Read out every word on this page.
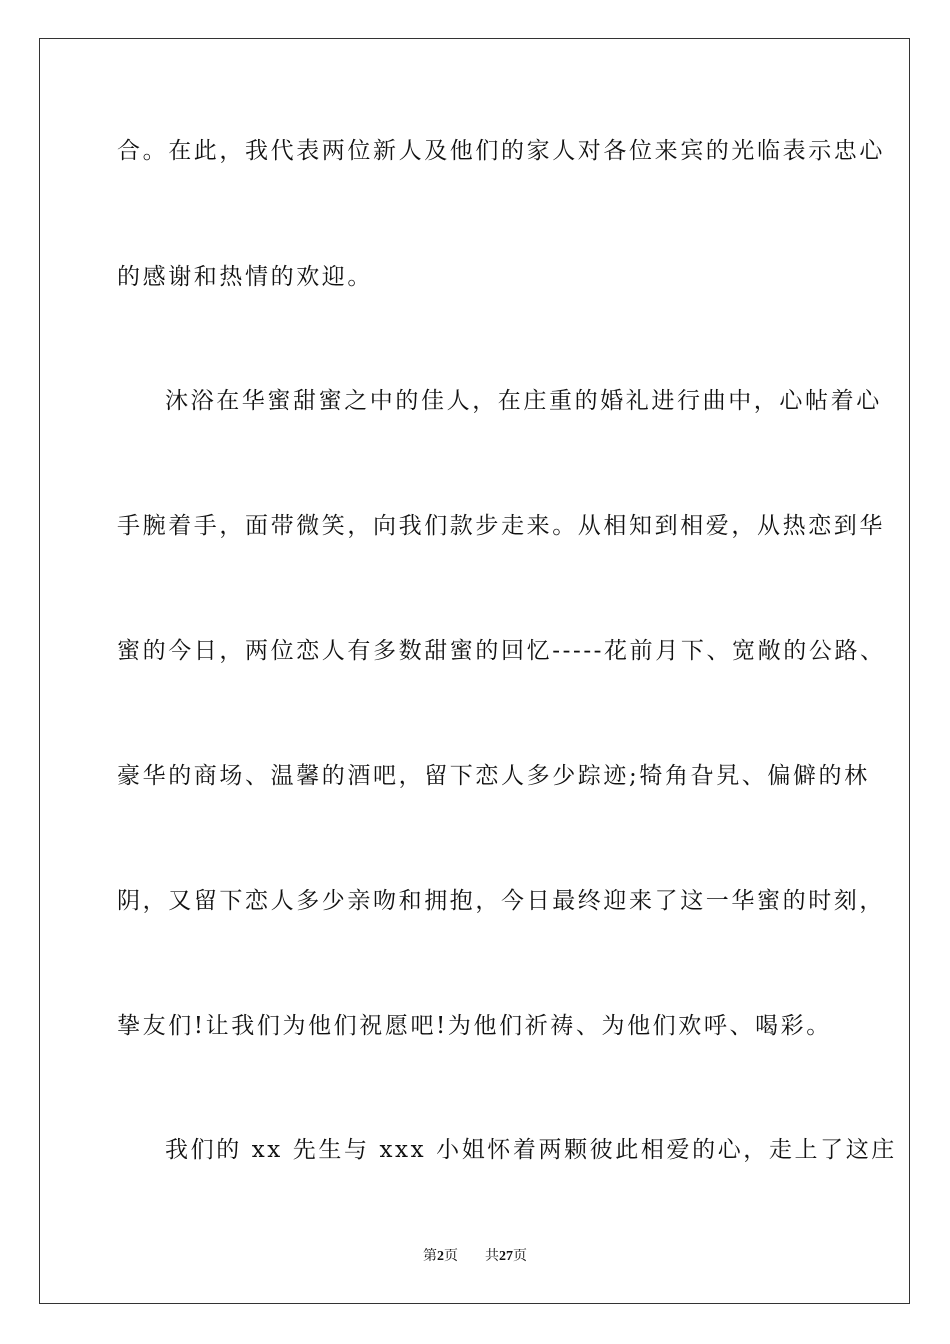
合。在此，我代表两位新人及他们的家人对各位来宾的光临表示忠心
的感谢和热情的欢迎。
沐浴在华蜜甜蜜之中的佳人，在庄重的婚礼进行曲中，心帖着心
手腕着手，面带微笑，向我们款步走来。从相知到相爱，从热恋到华
蜜的今日，两位恋人有多数甜蜜的回忆-----花前月下、宽敞的公路、
豪华的商场、温馨的酒吧，留下恋人多少踪迹;犄角旮旯、偏僻的林
阴，又留下恋人多少亲吻和拥抱，今日最终迎来了这一华蜜的时刻，
挚友们!让我们为他们祝愿吧!为他们祈祷、为他们欢呼、喝彩。
我们的 xx 先生与 xxx 小姐怀着两颗彼此相爱的心，走上了这庄
第2页 共27页
